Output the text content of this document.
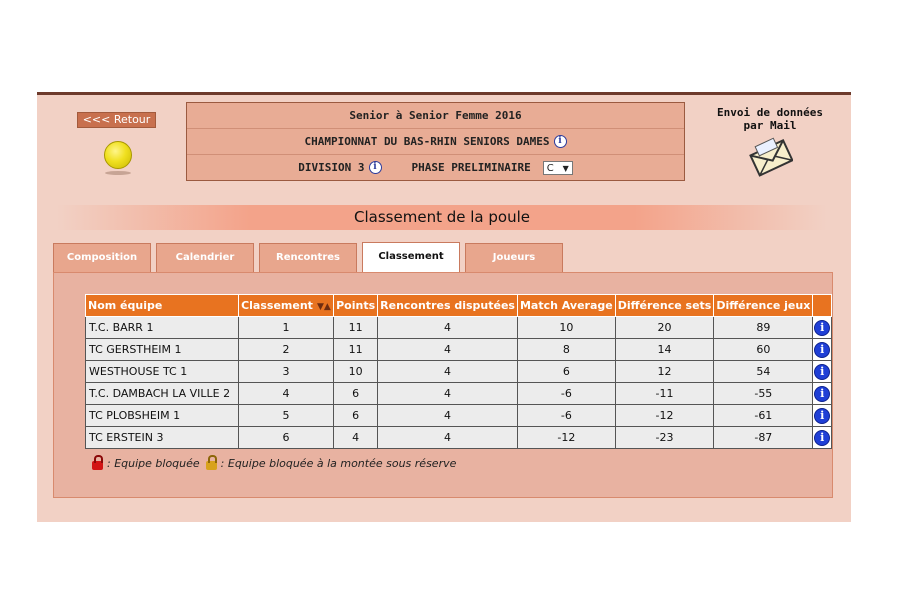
<<< Retour	Senior à Senior Femme 2016
CHAMPIONNAT DU BAS-RHIN SENIORS DAMES i
DIVISION 3 i	PHASE PRELIMINAIRE	C ▼
Envoi de données
par Mail
Classement de la poule
Composition	Calendrier	Rencontres	Classement	Joueurs
Nom équipe	Classement ▼▲	Points	Rencontres disputées	Match Average	Différence sets	Différence jeux	
T.C. BARR 1	1	11	4	10	20	89	i
TC GERSTHEIM 1	2	11	4	8	14	60	i
WESTHOUSE TC 1	3	10	4	6	12	54	i
T.C. DAMBACH LA VILLE 2	4	6	4	-6	-11	-55	i
TC PLOBSHEIM 1	5	6	4	-6	-12	-61	i
TC ERSTEIN 3	6	4	4	-12	-23	-87	i
: Equipe bloquée : Equipe bloquée à la montée sous réserve
